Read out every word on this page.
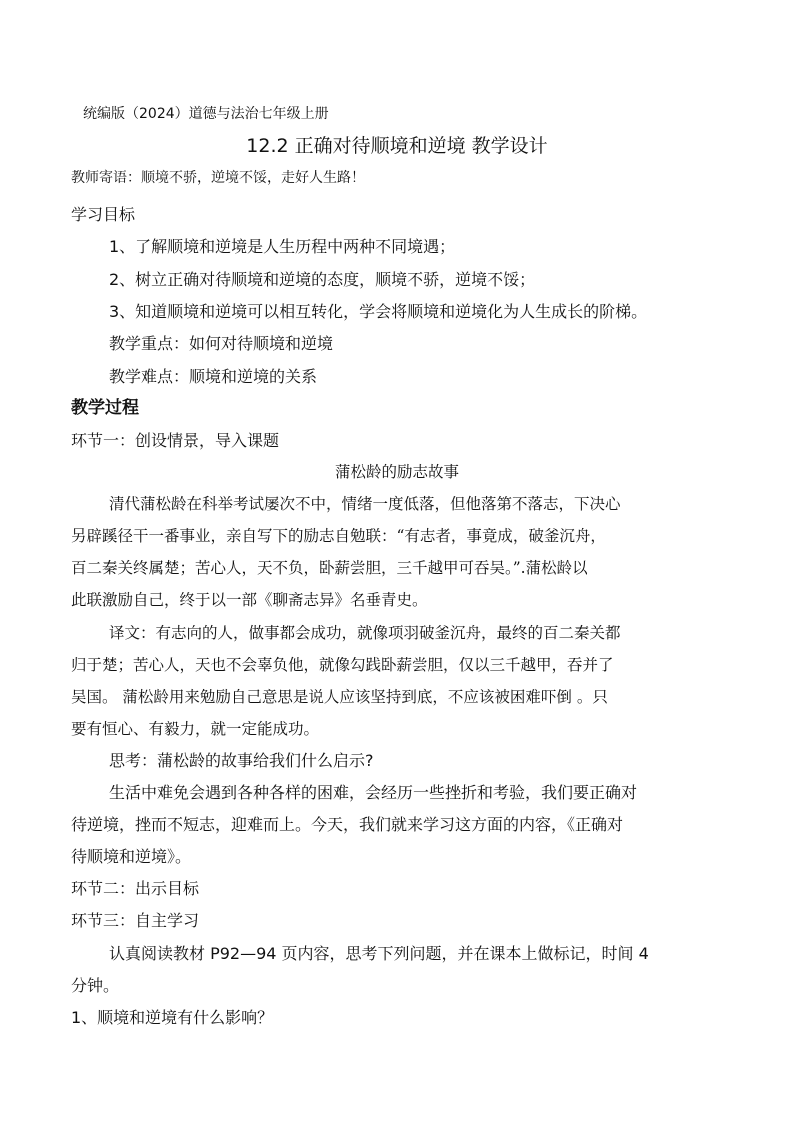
统编版（2024）道德与法治七年级上册
12.2 正确对待顺境和逆境 教学设计
教师寄语：顺境不骄，逆境不馁，走好人生路！
学习目标
1、了解顺境和逆境是人生历程中两种不同境遇；
2、树立正确对待顺境和逆境的态度，顺境不骄，逆境不馁；
3、知道顺境和逆境可以相互转化，学会将顺境和逆境化为人生成长的阶梯。
教学重点：如何对待顺境和逆境
教学难点：顺境和逆境的关系
教学过程
环节一：创设情景，导入课题
蒲松龄的励志故事
清代蒲松龄在科举考试屡次不中，情绪一度低落，但他落第不落志，下决心
另辟蹊径干一番事业，亲自写下的励志自勉联：“有志者，事竟成，破釜沉舟，
百二秦关终属楚；苦心人，天不负，卧薪尝胆，三千越甲可吞吴。”.蒲松龄以
此联激励自己，终于以一部《聊斋志异》名垂青史。
译文：有志向的人，做事都会成功，就像项羽破釜沉舟，最终的百二秦关都
归于楚；苦心人，天也不会辜负他，就像勾践卧薪尝胆，仅以三千越甲，吞并了
吴国。 蒲松龄用来勉励自己意思是说人应该坚持到底，不应该被困难吓倒 。只
要有恒心、有毅力，就一定能成功。
思考：蒲松龄的故事给我们什么启示?
生活中难免会遇到各种各样的困难，会经历一些挫折和考验，我们要正确对
待逆境，挫而不短志，迎难而上。今天，我们就来学习这方面的内容，《正确对
待顺境和逆境》。
环节二：出示目标
环节三：自主学习
认真阅读教材 P92—94 页内容，思考下列问题，并在课本上做标记，时间 4
分钟。
1、顺境和逆境有什么影响？
